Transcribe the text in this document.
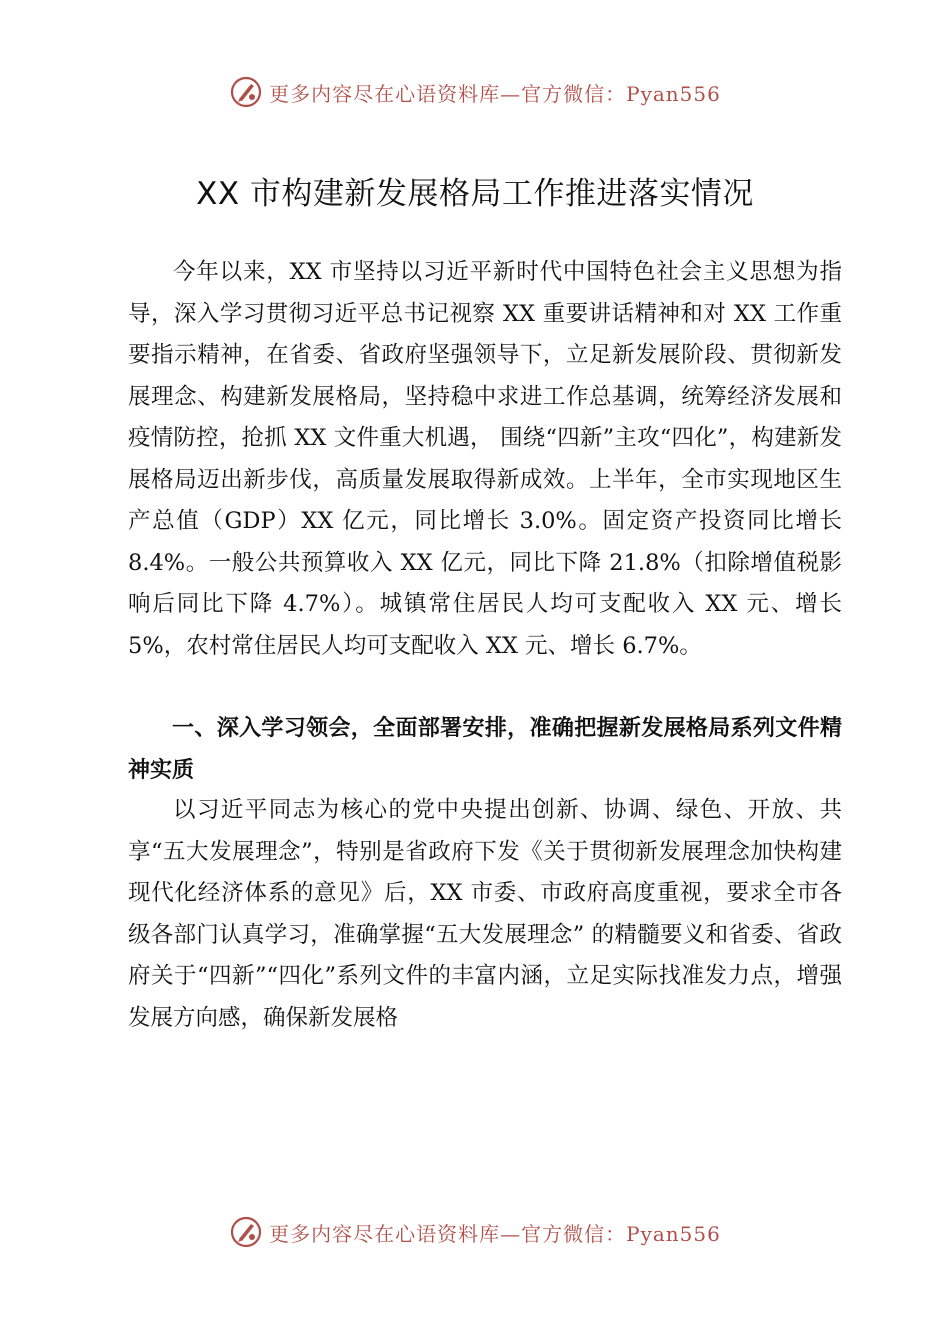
更多内容尽在心语资料库—官方微信：Pyan556
XX 市构建新发展格局工作推进落实情况

今年以来，XX 市坚持以习近平新时代中国特色社会主义思想为指导，深入学习贯彻习近平总书记视察 XX 重要讲话精神和对 XX 工作重要指示精神，在省委、省政府坚强领导下，立足新发展阶段、贯彻新发展理念、构建新发展格局，坚持稳中求进工作总基调，统筹经济发展和疫情防控，抢抓 XX 文件重大机遇， 围绕“四新”主攻“四化”，构建新发展格局迈出新步伐，高质量发展取得新成效。上半年，全市实现地区生产总值（GDP）XX 亿元，同比增长 3.0%。固定资产投资同比增长 8.4%。一般公共预算收入 XX 亿元，同比下降 21.8%（扣除增值税影响后同比下降 4.7%）。城镇常住居民人均可支配收入 XX 元、增长 5%，农村常住居民人均可支配收入 XX 元、增长 6.7%。

一、深入学习领会，全面部署安排，准确把握新发展格局系列文件精神实质

以习近平同志为核心的党中央提出创新、协调、绿色、开放、共享“五大发展理念”，特别是省政府下发《关于贯彻新发展理念加快构建现代化经济体系的意见》后，XX 市委、市政府高度重视，要求全市各级各部门认真学习，准确掌握“五大发展理念” 的精髓要义和省委、省政府关于“四新”“四化”系列文件的丰富内涵，立足实际找准发力点，增强发展方向感，确保新发展格

更多内容尽在心语资料库—官方微信：Pyan556
